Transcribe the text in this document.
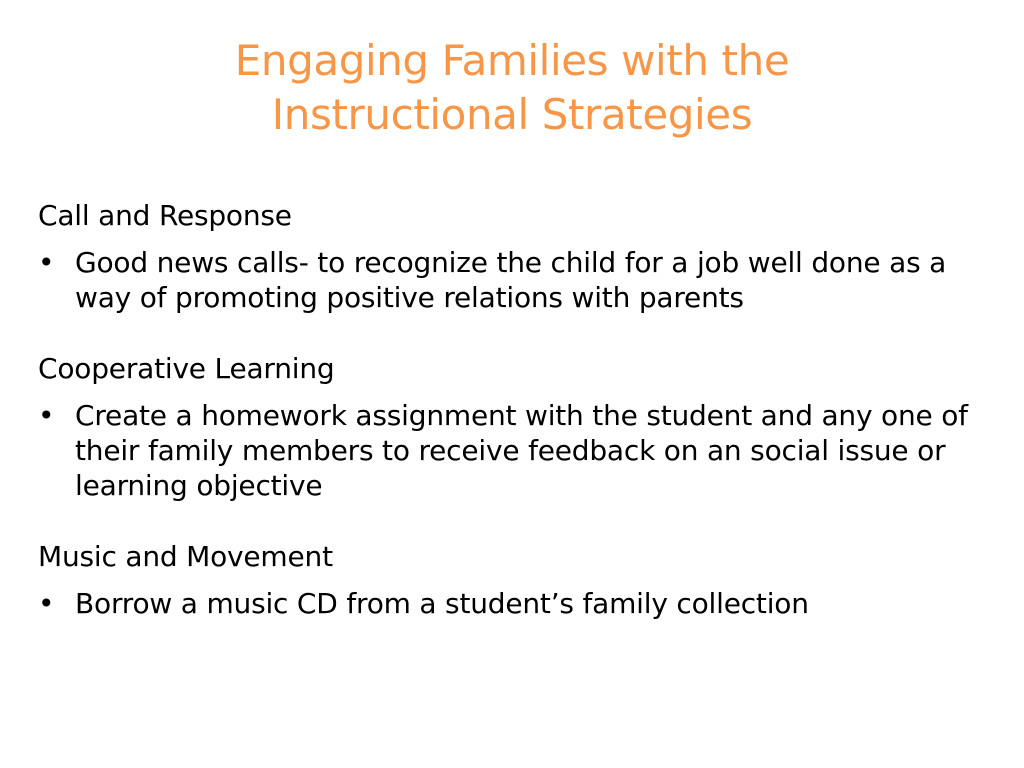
Engaging Families with the
Instructional Strategies
Call and Response
• Good news calls- to recognize the child for a job well done as a way of promoting positive relations with parents
Cooperative Learning
• Create a homework assignment with the student and any one of their family members to receive feedback on an social issue or learning objective
Music and Movement
• Borrow a music CD from a student’s family collection
